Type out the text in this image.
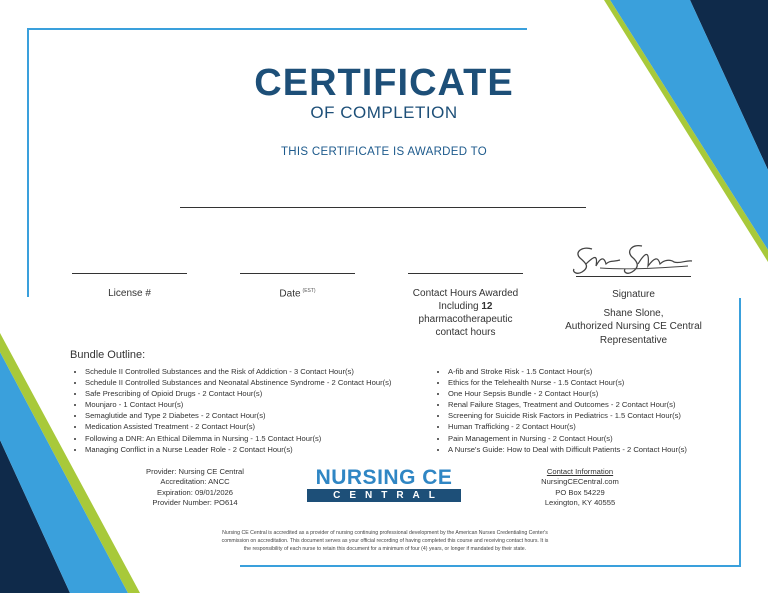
CERTIFICATE
OF COMPLETION
THIS CERTIFICATE IS AWARDED TO
License #	Date $^{(EST)}$	Contact Hours Awarded
Including 12
pharmacotherapeutic
contact hours
Signature
Shane Slone,
Authorized Nursing CE Central
Representative
Bundle Outline:
• Schedule II Controlled Substances and the Risk of Addiction - 3 Contact Hour(s)
• Schedule II Controlled Substances and Neonatal Abstinence Syndrome - 2 Contact Hour(s)
• Safe Prescribing of Opioid Drugs - 2 Contact Hour(s)
• Mounjaro - 1 Contact Hour(s)
• Semaglutide and Type 2 Diabetes - 2 Contact Hour(s)
• Medication Assisted Treatment - 2 Contact Hour(s)
• Following a DNR: An Ethical Dilemma in Nursing - 1.5 Contact Hour(s)
• Managing Conflict in a Nurse Leader Role - 2 Contact Hour(s)
• A-fib and Stroke Risk - 1.5 Contact Hour(s)
• Ethics for the Telehealth Nurse - 1.5 Contact Hour(s)
• One Hour Sepsis Bundle - 2 Contact Hour(s)
• Renal Failure Stages, Treatment and Outcomes - 2 Contact Hour(s)
• Screening for Suicide Risk Factors in Pediatrics - 1.5 Contact Hour(s)
• Human Trafficking - 2 Contact Hour(s)
• Pain Management in Nursing - 2 Contact Hour(s)
• A Nurse's Guide: How to Deal with Difficult Patients - 2 Contact Hour(s)
Provider: Nursing CE Central
Accreditation: ANCC
Expiration: 09/01/2026
Provider Number: PO614
NURSING CE
CENTRAL
Contact Information
NursingCECentral.com
PO Box 54229
Lexington, KY 40555
Nursing CE Central is accredited as a provider of nursing continuing professional development by the American Nurses Credentialing Center's
commission on accreditation. This document serves as your official recording of having completed this course and receiving contact hours. It is
the responsibility of each nurse to retain this document for a minimum of four (4) years, or longer if mandated by their state.
